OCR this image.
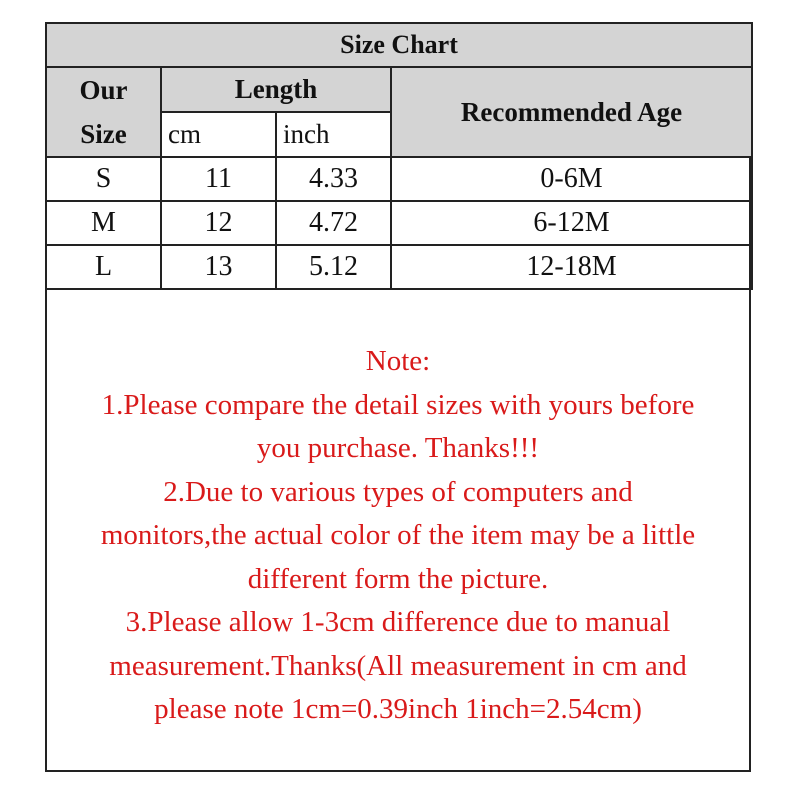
Size Chart			

Our
Size	Length		Recommended Age
	cm	inch	
S	11	4.33	0-6M
M	12	4.72	6-12M
L	13	5.12	12-18M

Note:

1.Please compare the detail sizes with yours before

you purchase. Thanks!!!

2.Due to various types of computers and

monitors,the actual color of the item may be a little

different form the picture.

3.Please allow 1-3cm difference due to manual

measurement.Thanks(All measurement in cm and

please note 1cm=0.39inch 1inch=2.54cm)
